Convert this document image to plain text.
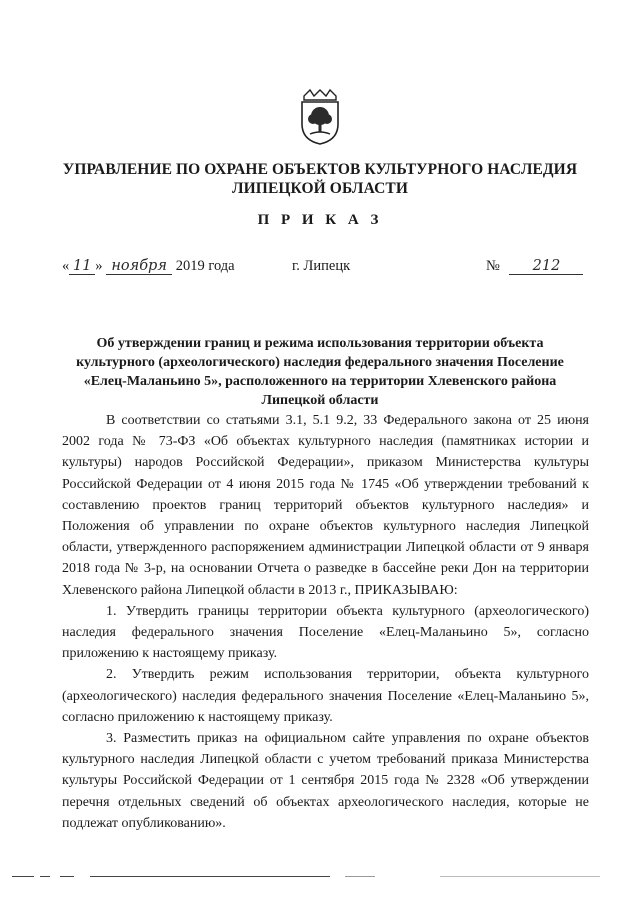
УПРАВЛЕНИЕ ПО ОХРАНЕ ОБЪЕКТОВ КУЛЬТУРНОГО НАСЛЕДИЯ
ЛИПЕЦКОЙ ОБЛАСТИ
П Р И К А З
« 11 » ноября 2019 года	г. Липецк	№ 212
Об утверждении границ и режима использования территории объекта
культурного (археологического) наследия федерального значения Поселение
«Елец-Маланьино 5», расположенного на территории Хлевенского района
Липецкой области

В соответствии со статьями 3.1, 5.1 9.2, 33 Федерального закона от 25 июня 2002 года № 73-ФЗ «Об объектах культурного наследия (памятниках истории и культуры) народов Российской Федерации», приказом Министерства культуры Российской Федерации от 4 июня 2015 года № 1745 «Об утверждении требований к составлению проектов границ территорий объектов культурного наследия» и Положения об управлении по охране объектов культурного наследия Липецкой области, утвержденного распоряжением администрации Липецкой области от 9 января 2018 года № 3-р, на основании Отчета о разведке в бассейне реки Дон на территории Хлевенского района Липецкой области в 2013 г., ПРИКАЗЫВАЮ:

1. Утвердить границы территории объекта культурного (археологического) наследия федерального значения Поселение «Елец-Маланьино 5», согласно приложению к настоящему приказу.

2. Утвердить режим использования территории, объекта культурного (археологического) наследия федерального значения Поселение «Елец-Маланьино 5», согласно приложению к настоящему приказу.

3. Разместить приказ на официальном сайте управления по охране объектов культурного наследия Липецкой области с учетом требований приказа Министерства культуры Российской Федерации от 1 сентября 2015 года № 2328 «Об утверждении перечня отдельных сведений об объектах археологического наследия, которые не подлежат опубликованию».
